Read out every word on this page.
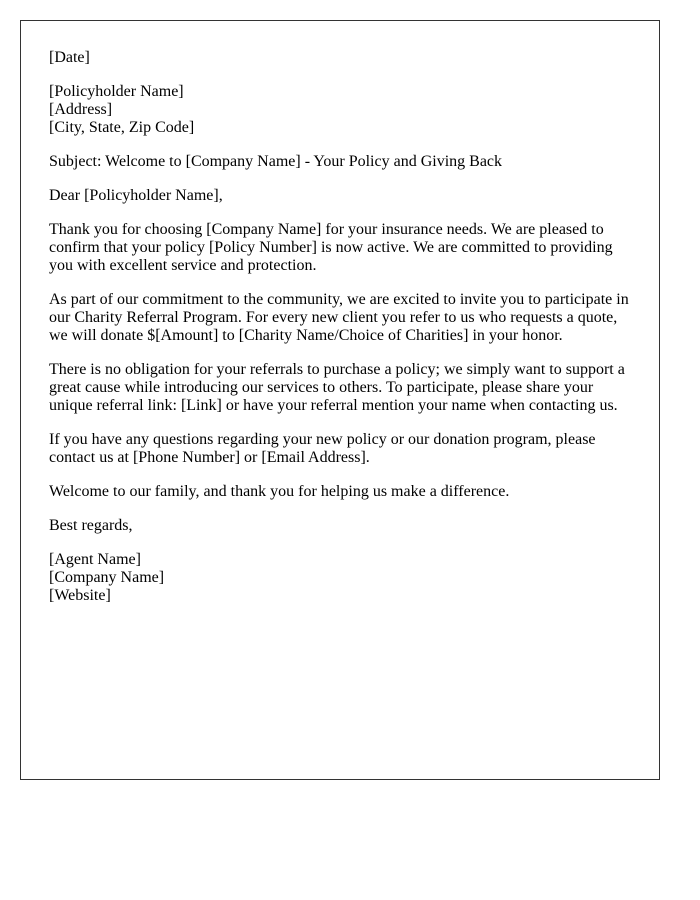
[Date]
[Policyholder Name]
[Address]
[City, State, Zip Code]
Subject: Welcome to [Company Name] - Your Policy and Giving Back
Dear [Policyholder Name],
Thank you for choosing [Company Name] for your insurance needs. We are pleased to
confirm that your policy [Policy Number] is now active. We are committed to providing
you with excellent service and protection.
As part of our commitment to the community, we are excited to invite you to participate in
our Charity Referral Program. For every new client you refer to us who requests a quote,
we will donate $[Amount] to [Charity Name/Choice of Charities] in your honor.
There is no obligation for your referrals to purchase a policy; we simply want to support a
great cause while introducing our services to others. To participate, please share your
unique referral link: [Link] or have your referral mention your name when contacting us.
If you have any questions regarding your new policy or our donation program, please
contact us at [Phone Number] or [Email Address].
Welcome to our family, and thank you for helping us make a difference.
Best regards,
[Agent Name]
[Company Name]
[Website]
